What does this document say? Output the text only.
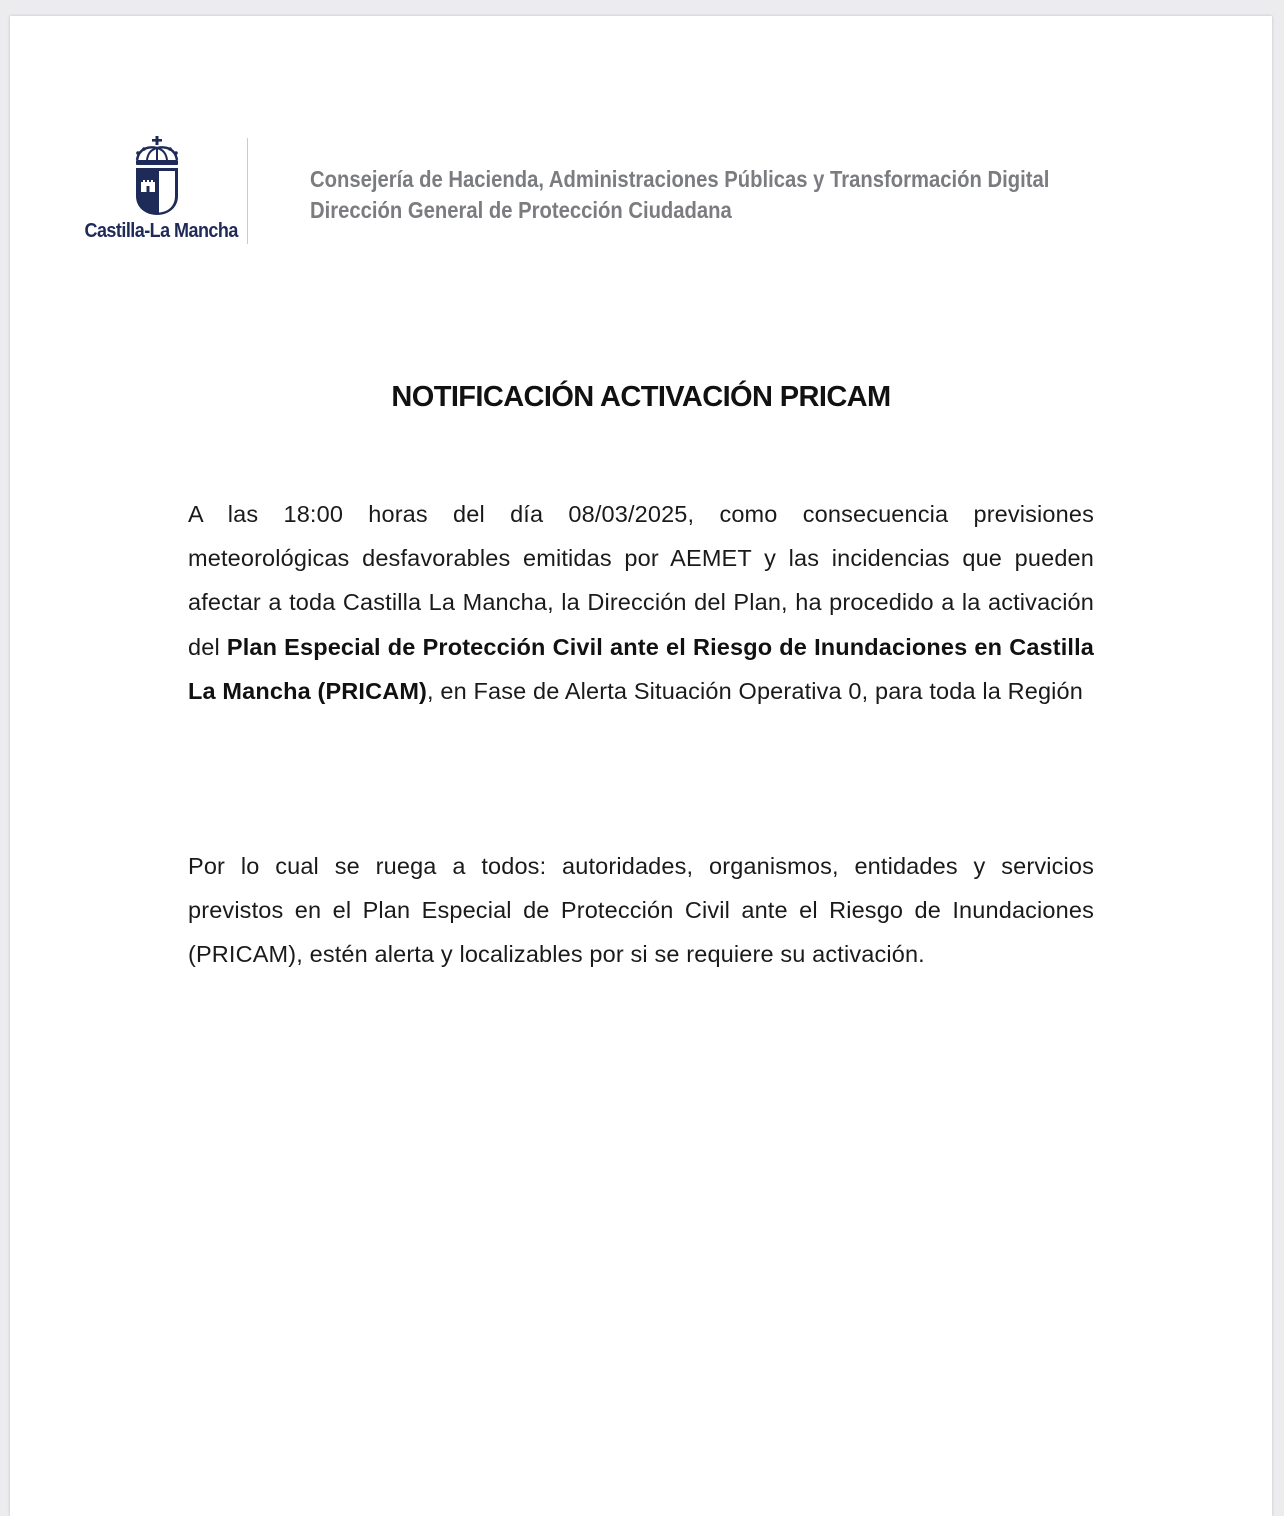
Castilla-La Mancha
Consejería de Hacienda, Administraciones Públicas y Transformación Digital
Dirección General de Protección Ciudadana
NOTIFICACIÓN ACTIVACIÓN PRICAM

A las 18:00 horas del día 08/03/2025, como consecuencia previsiones meteorológicas desfavorables emitidas por AEMET y las incidencias que pueden afectar a toda Castilla La Mancha, la Dirección del Plan, ha procedido a la activación del Plan Especial de Protección Civil ante el Riesgo de Inundaciones en Castilla La Mancha (PRICAM), en Fase de Alerta Situación Operativa 0, para toda la Región

Por lo cual se ruega a todos: autoridades, organismos, entidades y servicios previstos en el Plan Especial de Protección Civil ante el Riesgo de Inundaciones (PRICAM), estén alerta y localizables por si se requiere su activación.
